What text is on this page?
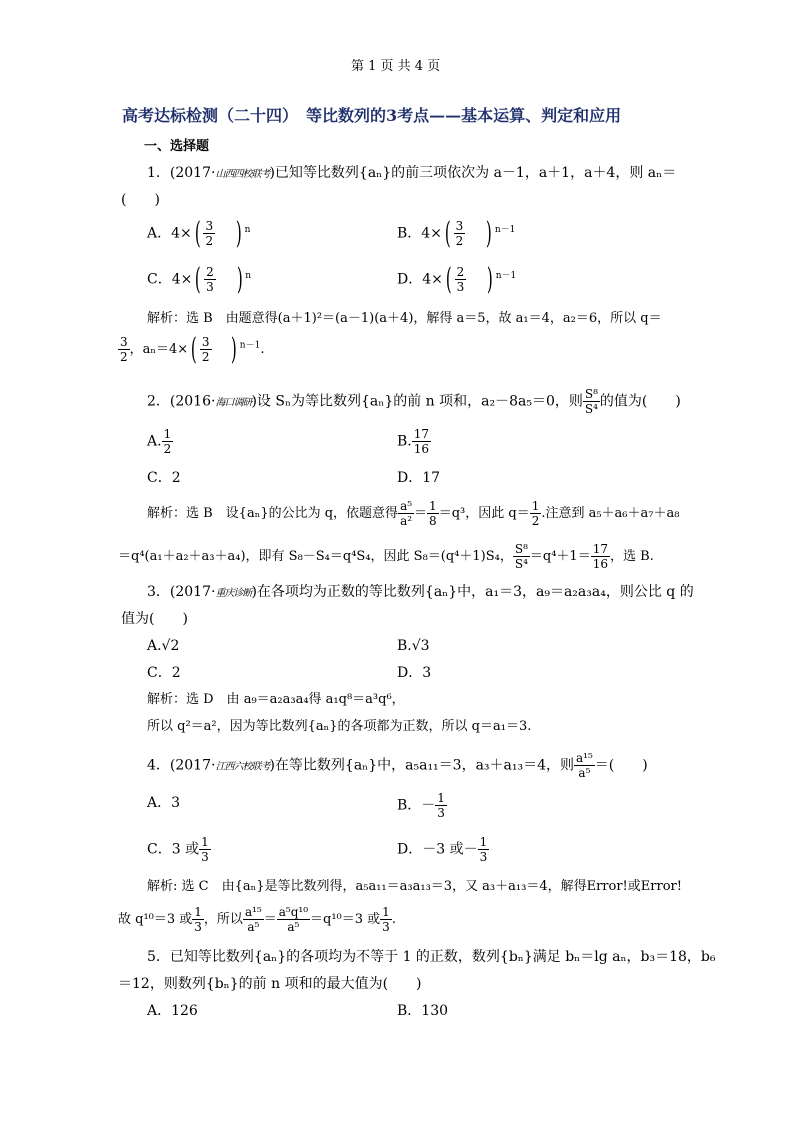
第 1 页 共 4 页
高考达标检测（二十四）　等比数列的3考点——基本运算、判定和应用
一、选择题
1．(2017·山西四校联考)已知等比数列{aₙ}的前三项依次为 a－1，a＋1，a＋4，则 aₙ＝
(　　)
A．$4\times( \frac{3}{2}$ ) $^n$	B．$4\times( \frac{3}{2}$ ) $^{n-1}$
C．$4\times( \frac{2}{3}$ ) $^n$	D．$4\times( \frac{2}{3}$ ) $^{n-1}$
解析：选 B　由题意得(a＋1)²＝(a－1)(a＋4)，解得 a＝5，故 a₁＝4，a₂＝6，所以 q＝
$\frac{3}{2}$ ，$a_n=4\times( \frac{3}{2}$ ) $^{n-1}$.
2．(2016·海口调研)设 Sₙ为等比数列{aₙ}的前 n 项和，a₂－8a₅＝0，则 $\frac{\text{S⁸}}{\text{S⁴}}$ 的值为(　　)
A. $\frac{1}{2}$	B. $\frac{17}{16}$
C．2	D．17
解析：选 B　设{aₙ}的公比为 q，依题意得 $\frac{\text{a⁵}}{\text{a²}} = \frac{1}{8} =q^3$，因此 $q= \frac{1}{2}$ .注意到 a₅＋a₆＋a₇＋a₈
＝q⁴(a₁＋a₂＋a₃＋a₄)，即有 S₈－S₄＝q⁴S₄，因此 S₈＝(q⁴＋1)S₄， $\frac{\text{S⁸}}{\text{S⁴}} =q^4+1= \frac{17}{16}$ ，选 B.
3．(2017·重庆诊断)在各项均为正数的等比数列{aₙ}中，a₁＝3，a₉＝a₂a₃a₄，则公比 q 的
值为(　　)
A.√2	B.√3
C．2	D．3
解析：选 D　由 a₉＝a₂a₃a₄得 a₁q⁸＝a³q⁶，
所以 q²＝a²，因为等比数列{aₙ}的各项都为正数，所以 q＝a₁＝3.
4．(2017·江西六校联考)在等比数列{aₙ}中，a₅a₁₁＝3，a₃＋a₁₃＝4，则 $\frac{\text{a¹⁵}}{\text{a⁵}}$ ＝(　　)
A．3	B．－ $\frac{1}{3}$
C．3 或 $\frac{1}{3}$	D．－3 或－ $\frac{1}{3}$
解析: 选 C　由{aₙ}是等比数列得，a₅a₁₁＝a₃a₁₃＝3，又 a₃＋a₁₃＝4，解得Error!或Error!
故 q¹⁰＝3 或 $\frac{1}{3}$ ，所以 $\frac{\text{a¹⁵}}{\text{a⁵}} = \frac{\text{a⁵q¹⁰}}{\text{a⁵}} =q^{10}=3$ 或 $\frac{1}{3}$ .
5．已知等比数列{aₙ}的各项均为不等于 1 的正数，数列{bₙ}满足 bₙ＝lg aₙ，b₃＝18，b₆
＝12，则数列{bₙ}的前 n 项和的最大值为(　　)
A．126	B．130
